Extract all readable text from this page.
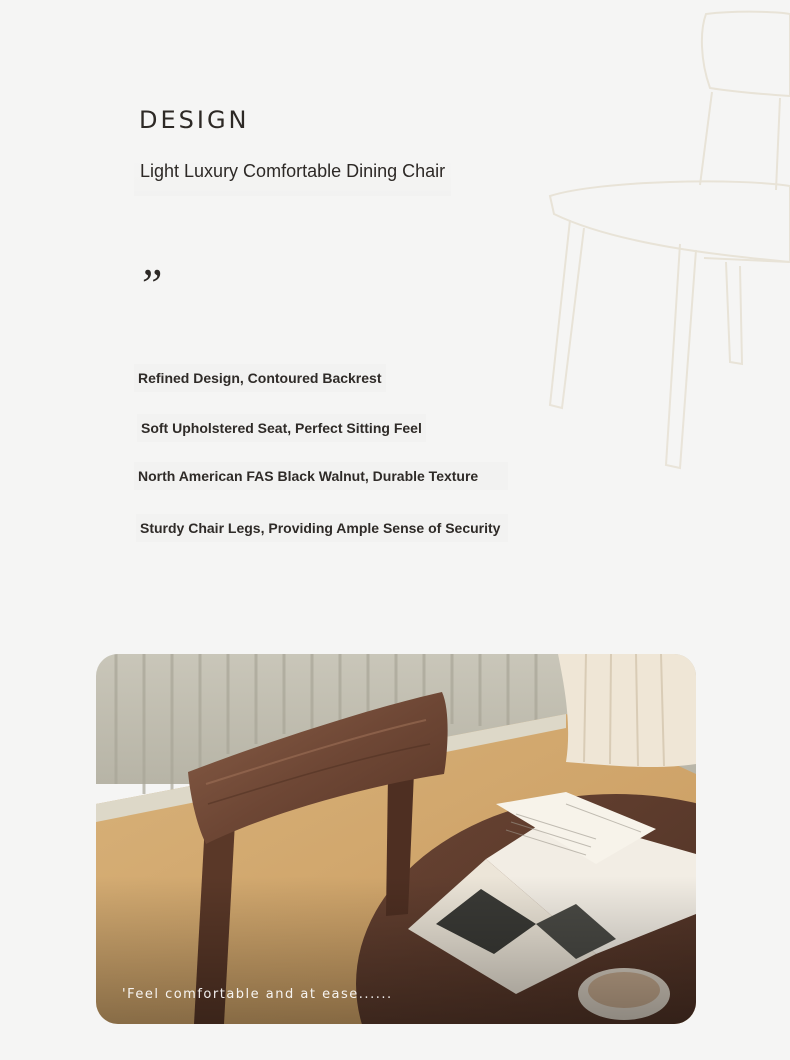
DESIGN
Light Luxury Comfortable Dining Chair
”
Refined Design, Contoured Backrest
Soft Upholstered Seat, Perfect Sitting Feel
North American FAS Black Walnut, Durable Texture
Sturdy Chair Legs, Providing Ample Sense of Security
'Feel comfortable and at ease......
